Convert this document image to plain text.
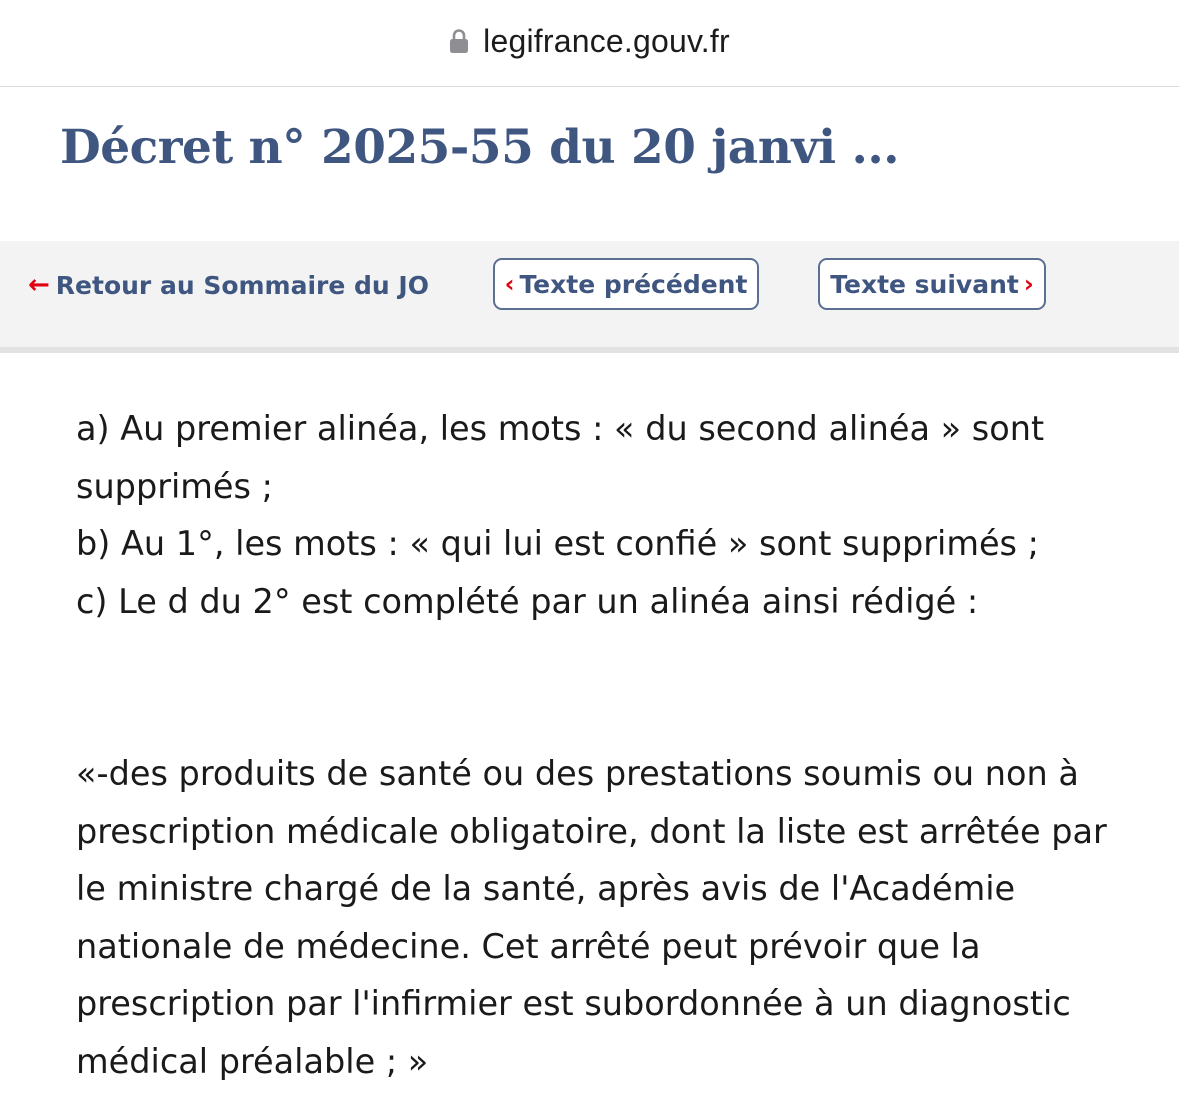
legifrance.gouv.fr
Décret n° 2025-55 du 20 janvi ...
← Retour au Sommaire du JO	‹ Texte précédent	Texte suivant ›

a) Au premier alinéa, les mots : « du second alinéa » sont supprimés ;

b) Au 1°, les mots : « qui lui est confié » sont supprimés ;

c) Le d du 2° est complété par un alinéa ainsi rédigé :

«-des produits de santé ou des prestations soumis ou non à prescription médicale obligatoire, dont la liste est arrêtée par le ministre chargé de la santé, après avis de l'Académie nationale de médecine. Cet arrêté peut prévoir que la prescription par l'infirmier est subordonnée à un diagnostic médical préalable ; »
